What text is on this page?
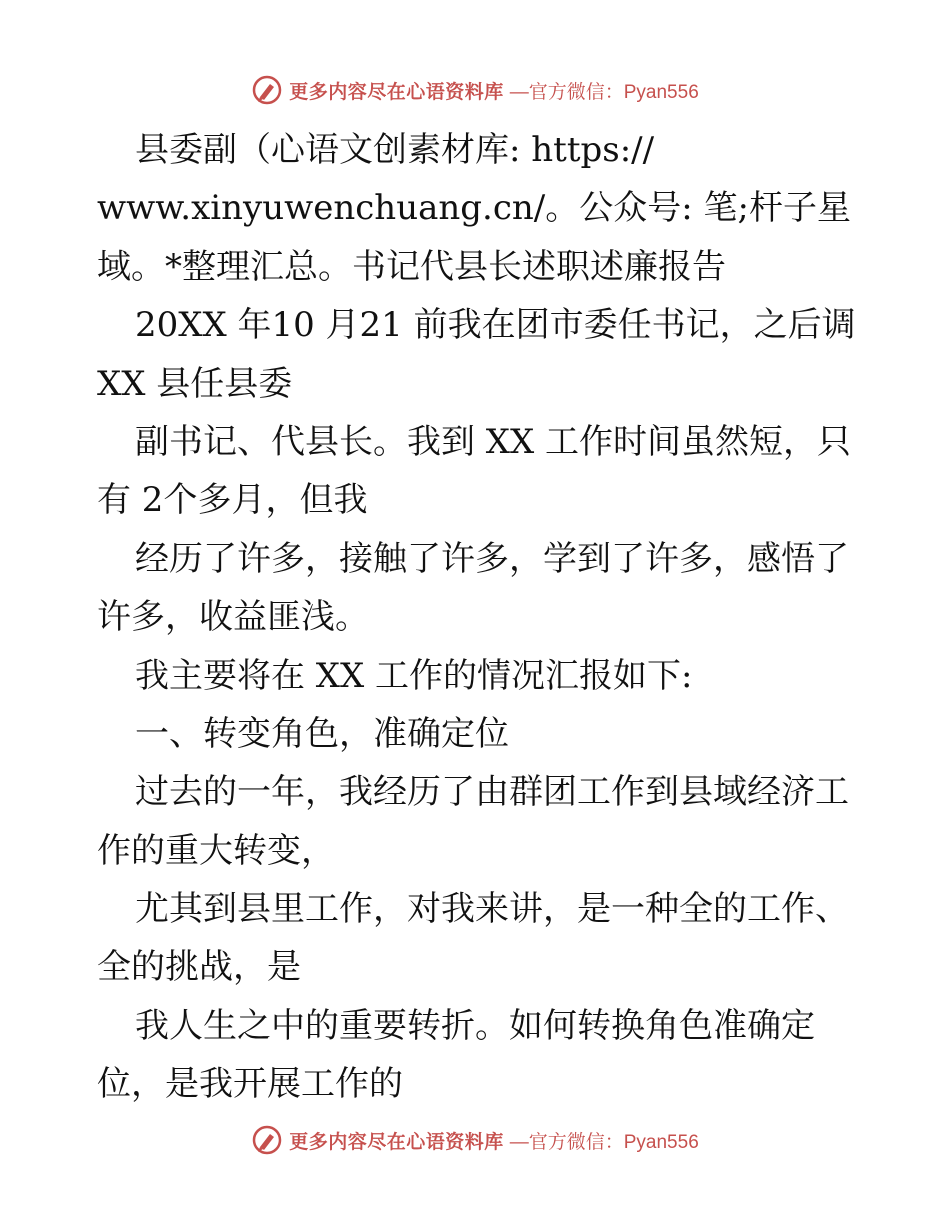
更多内容尽在心语资料库 —官方微信：Pyan556
县委副（心语文创素材库: https://
www.xinyuwenchuang.cn/。公众号: 笔;杆子星
域。*整理汇总。书记代县长述职述廉报告
20XX 年10 月21 前我在团市委任书记，之后调
XX 县任县委
副书记、代县长。我到 XX 工作时间虽然短，只
有 2个多月，但我
经历了许多，接触了许多，学到了许多，感悟了
许多，收益匪浅。
我主要将在 XX 工作的情况汇报如下:
一、转变角色，准确定位
过去的一年，我经历了由群团工作到县域经济工
作的重大转变，
尤其到县里工作，对我来讲，是一种全的工作、
全的挑战，是
我人生之中的重要转折。如何转换角色准确定
位，是我开展工作的
更多内容尽在心语资料库 —官方微信：Pyan556
